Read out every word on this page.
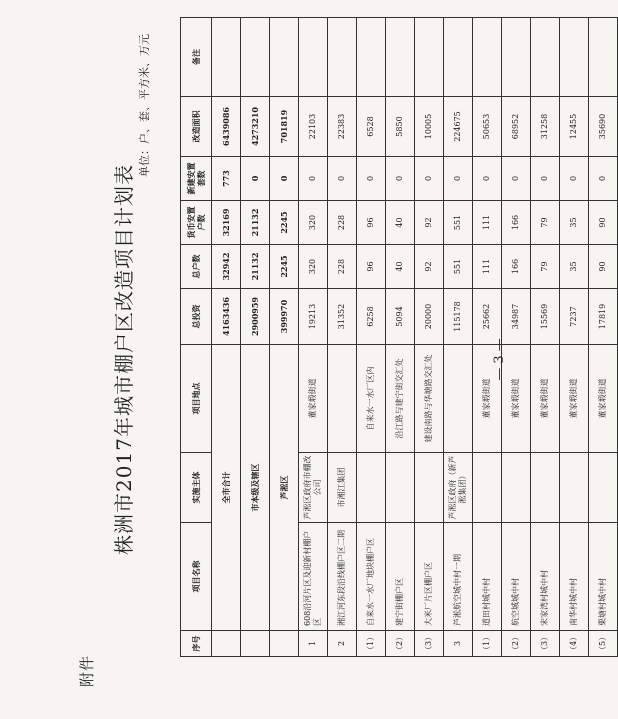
附件
株洲市2017年城市棚户区改造项目计划表
单位：户、套、平方米、万元
序号	项目名称	实施主体	项目地点	总投资	总户数	货币安置户数	新建安置套数	改造面积	备注
	全市合计			4163436	32942	32169	773	6439086	
	市本级及辖区			2900959	21132	21132	0	4273210	
	芦淞区			399970	2245	2245	0	701819	
1	608沿河片区及迎新村棚户区	芦淞区政府市棚改公司	董家塅街道	19213	320	320	0	22103	
2	湘江河东段沿线棚户区二期	市湘江集团		31352	228	228	0	22383	
（1）	自来水一水厂地块棚户区		自来水一水厂区内	6258	96	96	0	6528	
（2）	建宁街棚户区		沿江路与建宁街交汇处	5094	40	40	0	5850	
（3）	大米厂片区棚户区		建设南路与华塘路交汇处	20000	92	92	0	10005	
3	芦淞航空城中村一期	芦淞区政府（新芦淞集团）		115178	551	551	0	224675	
（1）	道田村城中村		董家塅街道	25662	111	111	0	50653	
（2）	航空城城中村		董家塅街道	34987	166	166	0	68952	
（3）	宋家湾村城中村		董家塅街道	15569	79	79	0	31258	
（4）	南华村城中村		董家塅街道	7237	35	35	0	12455	
（5）	栗塘村城中村		董家塅街道	17819	90	90	0	35690	
— 3 —
